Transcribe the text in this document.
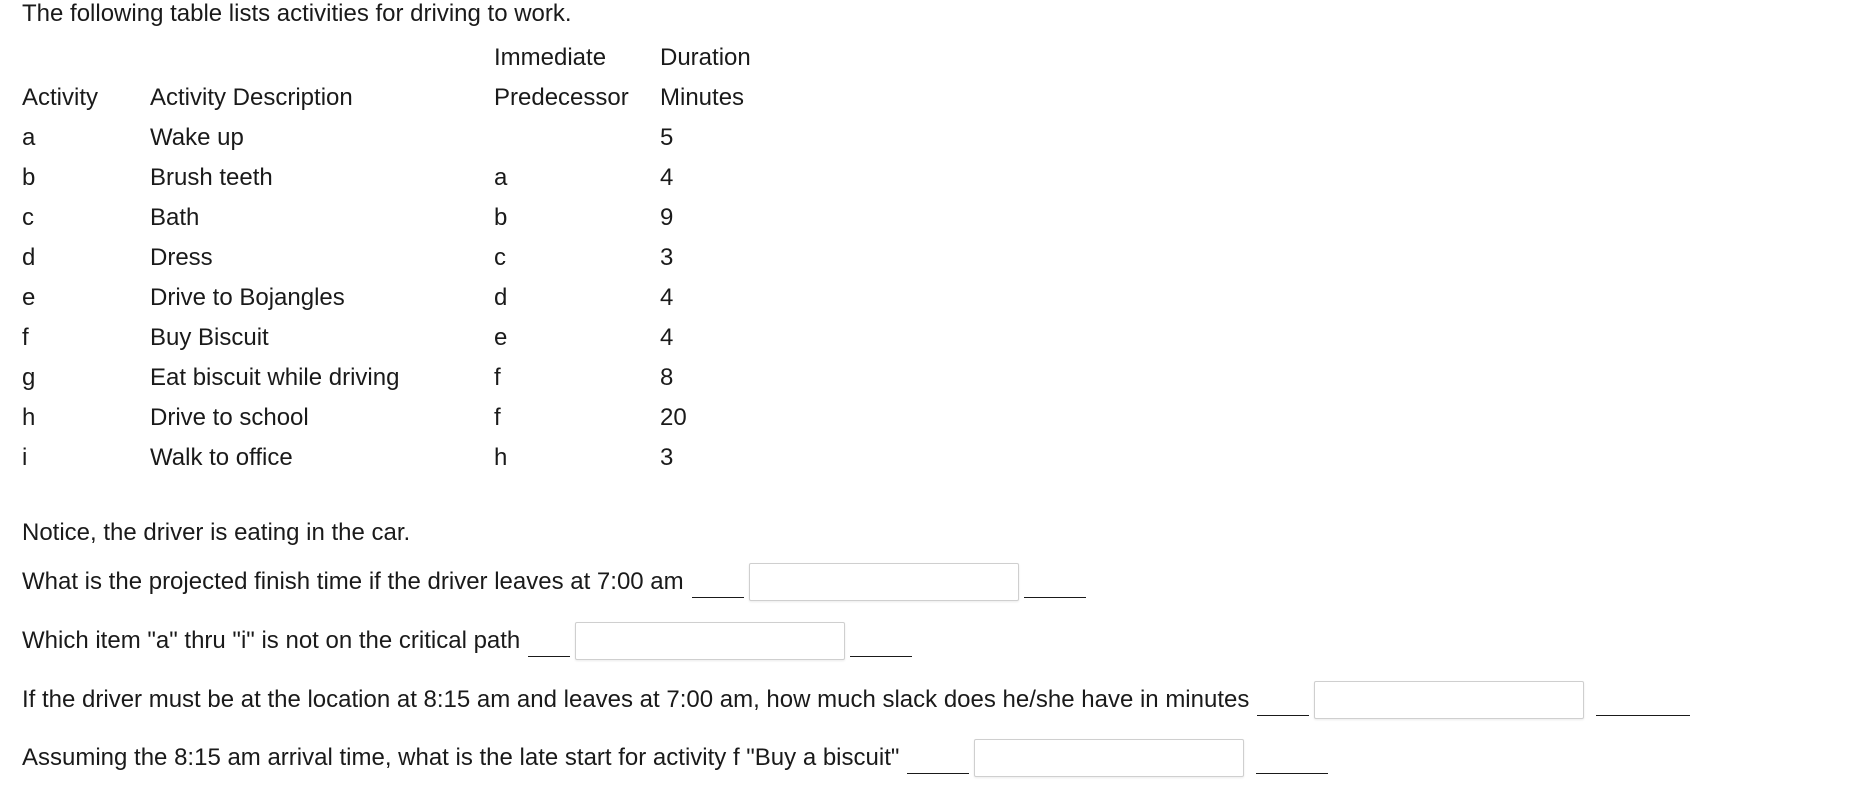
The following table lists activities for driving to work.
		Immediate	Duration
Activity	Activity Description	Predecessor	Minutes
a	Wake up		5
b	Brush teeth	a	4
c	Bath	b	9
d	Dress	c	3
e	Drive to Bojangles	d	4
f	Buy Biscuit	e	4
g	Eat biscuit while driving	f	8
h	Drive to school	f	20
i	Walk to office	h	3
Notice, the driver is eating in the car.
What is the projected finish time if the driver leaves at 7:00 am
Which item "a" thru "i" is not on the critical path
If the driver must be at the location at 8:15 am and leaves at 7:00 am, how much slack does he/she have in minutes
Assuming the 8:15 am arrival time, what is the late start for activity f "Buy a biscuit"
